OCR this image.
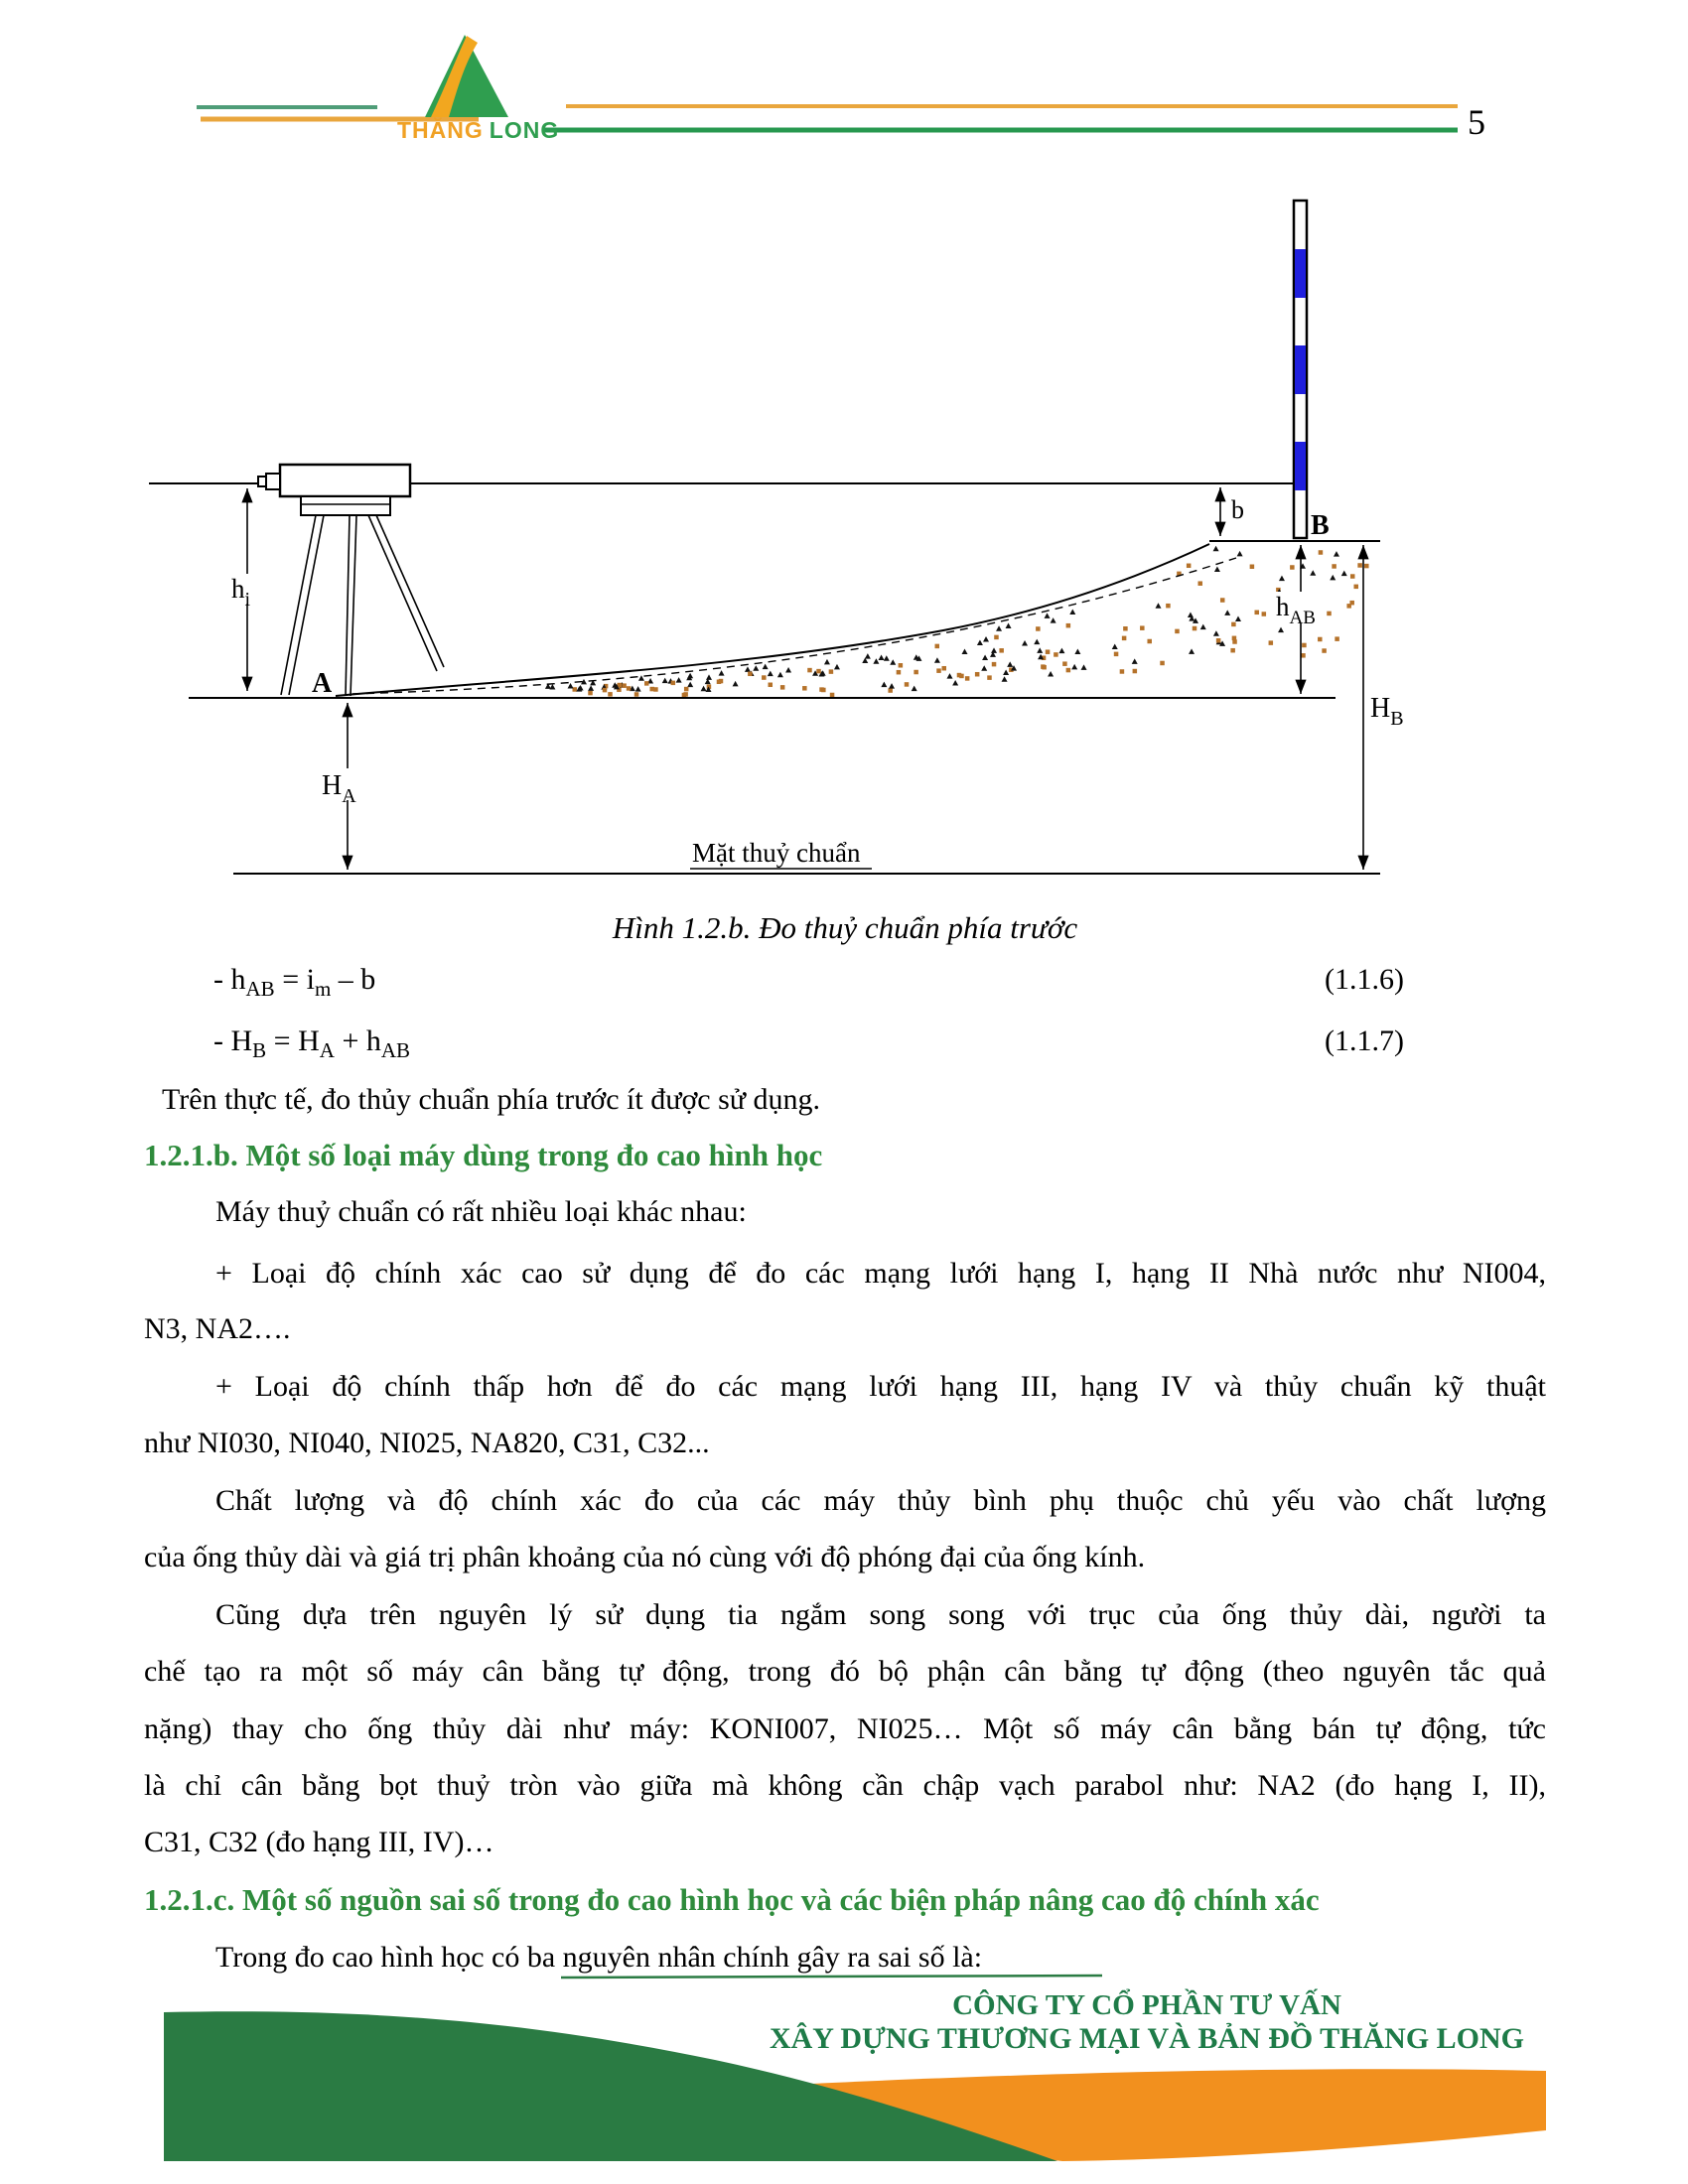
THĂNG LONG	5
$h_i$
b
A
B
$H_A$
$h_{AB}$
$H_B$
Mặt thuỷ chuẩn
Hình 1.2.b. Đo thuỷ chuẩn phía trước
- $h_{AB} = i_m - b$	(1.1.6)
- $H_B = H_A + h_{AB}$	(1.1.7)
Trên thực tế, đo thủy chuẩn phía trước ít được sử dụng.
1.2.1.b. Một số loại máy dùng trong đo cao hình học
Máy thuỷ chuẩn có rất nhiều loại khác nhau:
+ Loại độ chính xác cao sử dụng để đo các mạng lưới hạng I, hạng II Nhà nước như NI004,
N3, NA2….
+ Loại độ chính thấp hơn để đo các mạng lưới hạng III, hạng IV và thủy chuẩn kỹ thuật
như NI030, NI040, NI025, NA820, C31, C32...
Chất lượng và độ chính xác đo của các máy thủy bình phụ thuộc chủ yếu vào chất lượng
của ống thủy dài và giá trị phân khoảng của nó cùng với độ phóng đại của ống kính.
Cũng dựa trên nguyên lý sử dụng tia ngắm song song với trục của ống thủy dài, người ta
chế tạo ra một số máy cân bằng tự động, trong đó bộ phận cân bằng tự động (theo nguyên tắc quả
nặng) thay cho ống thủy dài như máy: KONI007, NI025… Một số máy cân bằng bán tự động, tức
là chỉ cân bằng bọt thuỷ tròn vào giữa mà không cần chập vạch parabol như: NA2 (đo hạng I, II),
C31, C32 (đo hạng III, IV)…
1.2.1.c. Một số nguồn sai số trong đo cao hình học và các biện pháp nâng cao độ chính xác
Trong đo cao hình học có ba nguyên nhân chính gây ra sai số là:
CÔNG TY CỔ PHẦN TƯ VẤN
XÂY DỰNG THƯƠNG MẠI VÀ BẢN ĐỒ THĂNG LONG
